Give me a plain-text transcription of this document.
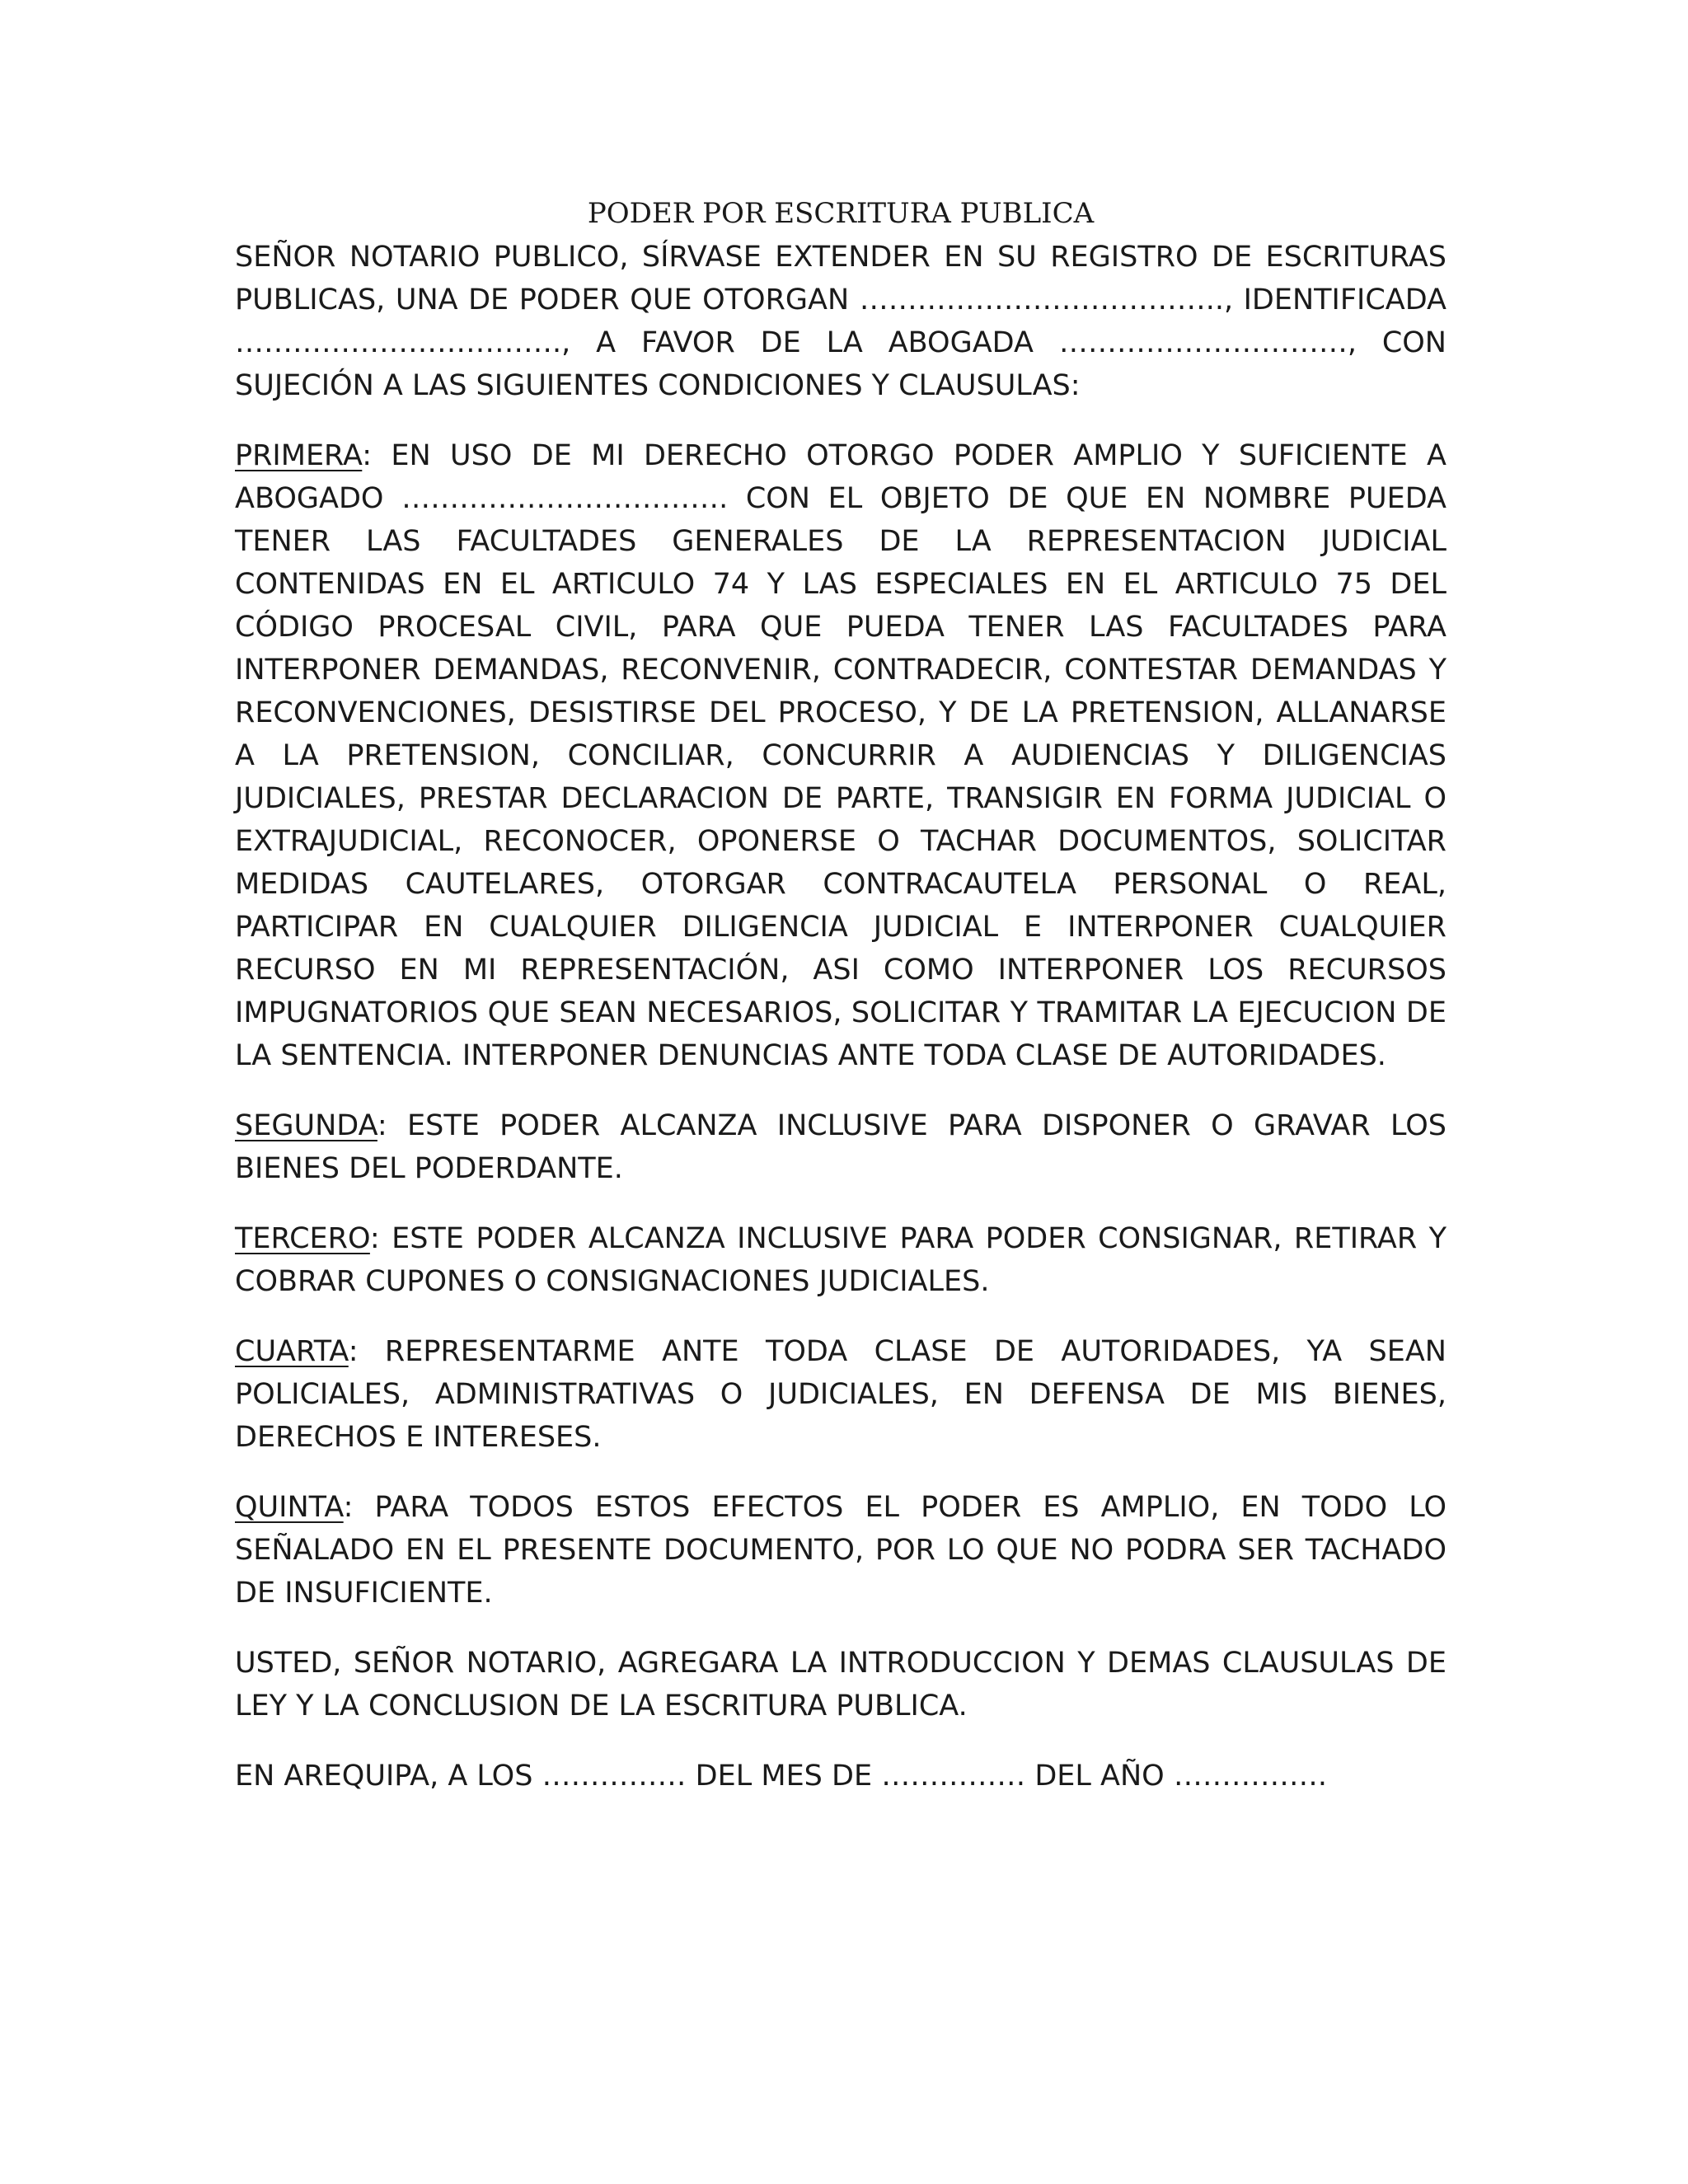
PODER POR ESCRITURA PUBLICA

SEÑOR NOTARIO PUBLICO, SÍRVASE EXTENDER EN SU REGISTRO DE ESCRITURAS PUBLICAS, UNA DE PODER QUE OTORGAN ……………………………….., IDENTIFICADA ……………………………., A FAVOR DE LA ABOGADA …………………………, CON SUJECIÓN A LAS SIGUIENTES CONDICIONES Y CLAUSULAS:

PRIMERA: EN USO DE MI DERECHO OTORGO PODER AMPLIO Y SUFICIENTE A ABOGADO ……………………………. CON EL OBJETO DE QUE EN NOMBRE PUEDA TENER LAS FACULTADES GENERALES DE LA REPRESENTACION JUDICIAL CONTENIDAS EN EL ARTICULO 74 Y LAS ESPECIALES EN EL ARTICULO 75 DEL CÓDIGO PROCESAL CIVIL, PARA QUE PUEDA TENER LAS FACULTADES PARA INTERPONER DEMANDAS, RECONVENIR, CONTRADECIR, CONTESTAR DEMANDAS Y RECONVENCIONES, DESISTIRSE DEL PROCESO, Y DE LA PRETENSION, ALLANARSE A LA PRETENSION, CONCILIAR, CONCURRIR A AUDIENCIAS Y DILIGENCIAS JUDICIALES, PRESTAR DECLARACION DE PARTE, TRANSIGIR EN FORMA JUDICIAL O EXTRAJUDICIAL, RECONOCER, OPONERSE O TACHAR DOCUMENTOS, SOLICITAR MEDIDAS CAUTELARES, OTORGAR CONTRACAUTELA PERSONAL O REAL, PARTICIPAR EN CUALQUIER DILIGENCIA JUDICIAL E INTERPONER CUALQUIER RECURSO EN MI REPRESENTACIÓN, ASI COMO INTERPONER LOS RECURSOS IMPUGNATORIOS QUE SEAN NECESARIOS, SOLICITAR Y TRAMITAR LA EJECUCION DE LA SENTENCIA. INTERPONER DENUNCIAS ANTE TODA CLASE DE AUTORIDADES.

SEGUNDA: ESTE PODER ALCANZA INCLUSIVE PARA DISPONER O GRAVAR LOS BIENES DEL PODERDANTE.

TERCERO: ESTE PODER ALCANZA INCLUSIVE PARA PODER CONSIGNAR, RETIRAR Y COBRAR CUPONES O CONSIGNACIONES JUDICIALES.

CUARTA: REPRESENTARME ANTE TODA CLASE DE AUTORIDADES, YA SEAN POLICIALES, ADMINISTRATIVAS O JUDICIALES, EN DEFENSA DE MIS BIENES, DERECHOS E INTERESES.

QUINTA: PARA TODOS ESTOS EFECTOS EL PODER ES AMPLIO, EN TODO LO SEÑALADO EN EL PRESENTE DOCUMENTO, POR LO QUE NO PODRA SER TACHADO DE INSUFICIENTE.

USTED, SEÑOR NOTARIO, AGREGARA LA INTRODUCCION Y DEMAS CLAUSULAS DE LEY Y LA CONCLUSION DE LA ESCRITURA PUBLICA.

EN AREQUIPA, A LOS …………… DEL MES DE …………… DEL AÑO …………….
